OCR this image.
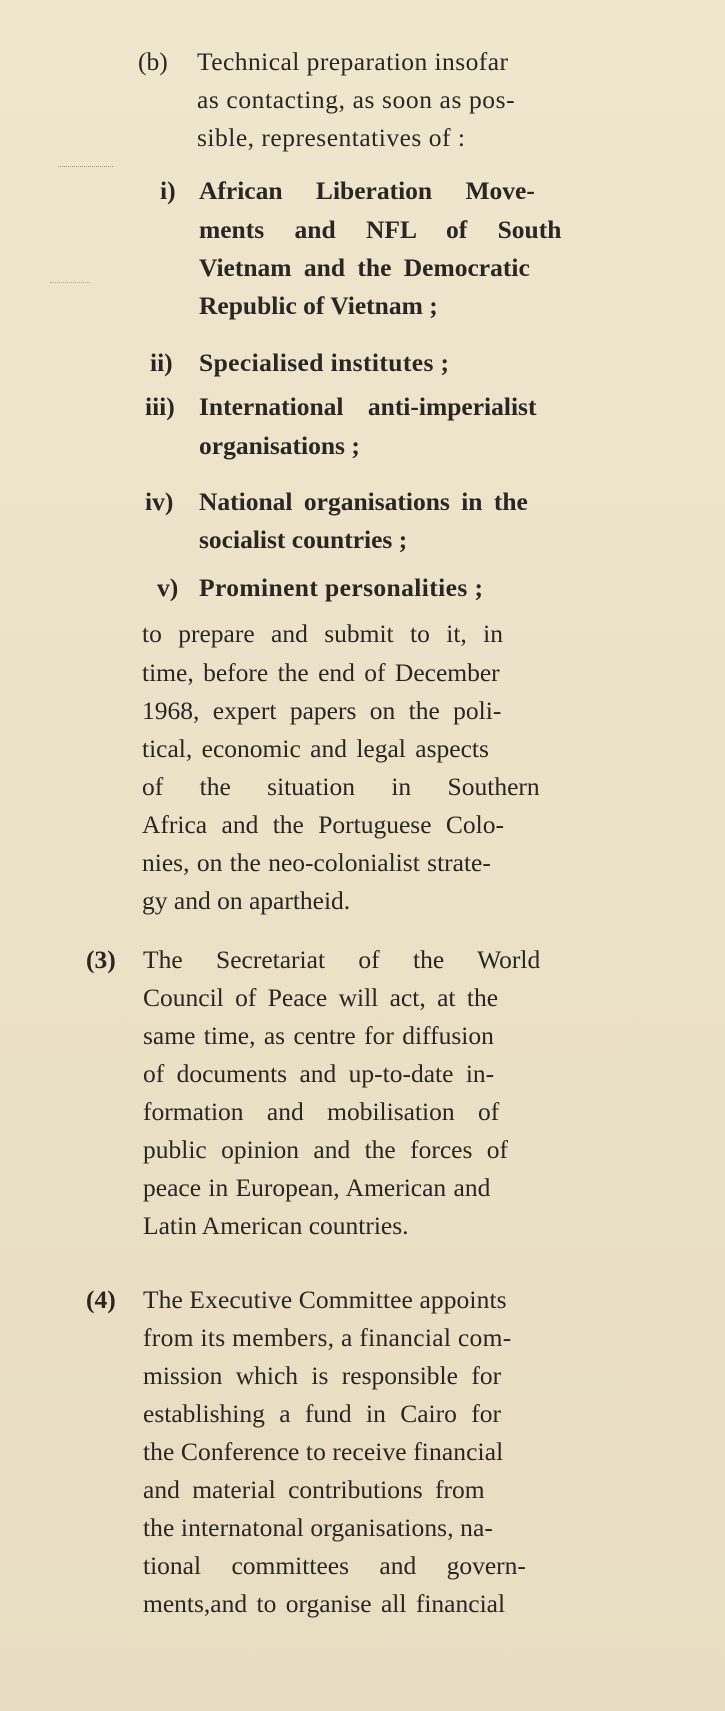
(b) Technical preparation insofar
as contacting, as soon as pos-
sible, representatives of :
i) African Liberation Move-
ments and NFL of South
Vietnam and the Democratic
Republic of Vietnam ;
ii) Specialised institutes ;
iii) International anti-imperialist
organisations ;
iv) National organisations in the
socialist countries ;
v) Prominent personalities ;
to prepare and submit to it, in
time, before the end of December
1968, expert papers on the poli-
tical, economic and legal aspects
of the situation in Southern
Africa and the Portuguese Colo-
nies, on the neo-colonialist strate-
gy and on apartheid.
(3) The Secretariat of the World
Council of Peace will act, at the
same time, as centre for diffusion
of documents and up-to-date in-
formation and mobilisation of
public opinion and the forces of
peace in European, American and
Latin American countries.
(4) The Executive Committee appoints
from its members, a financial com-
mission which is responsible for
establishing a fund in Cairo for
the Conference to receive financial
and material contributions from
the internatonal organisations, na-
tional committees and govern-
ments,and to organise all financial
